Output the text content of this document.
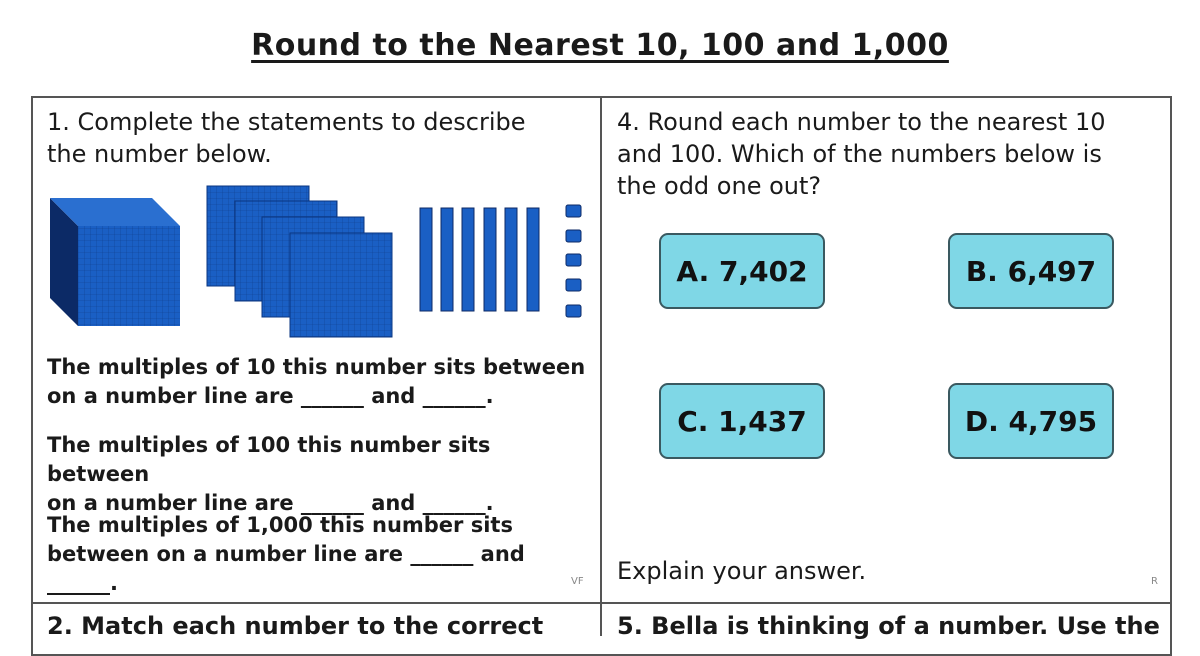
Round to the Nearest 10, 100 and 1,000
1. Complete the statements to describe
the number below.
The multiples of 10 this number sits between
on a number line are ______ and ______.
The multiples of 100 this number sits between
on a number line are ______ and ______.
The multiples of 1,000 this number sits
between on a number line are ______ and
______.	VF
4. Round each number to the nearest 10
and 100. Which of the numbers below is
the odd one out?
A. 7,402	B. 6,497
C. 1,437	D. 4,795
Explain your answer.	R
2. Match each number to the correct	5. Bella is thinking of a number. Use the
